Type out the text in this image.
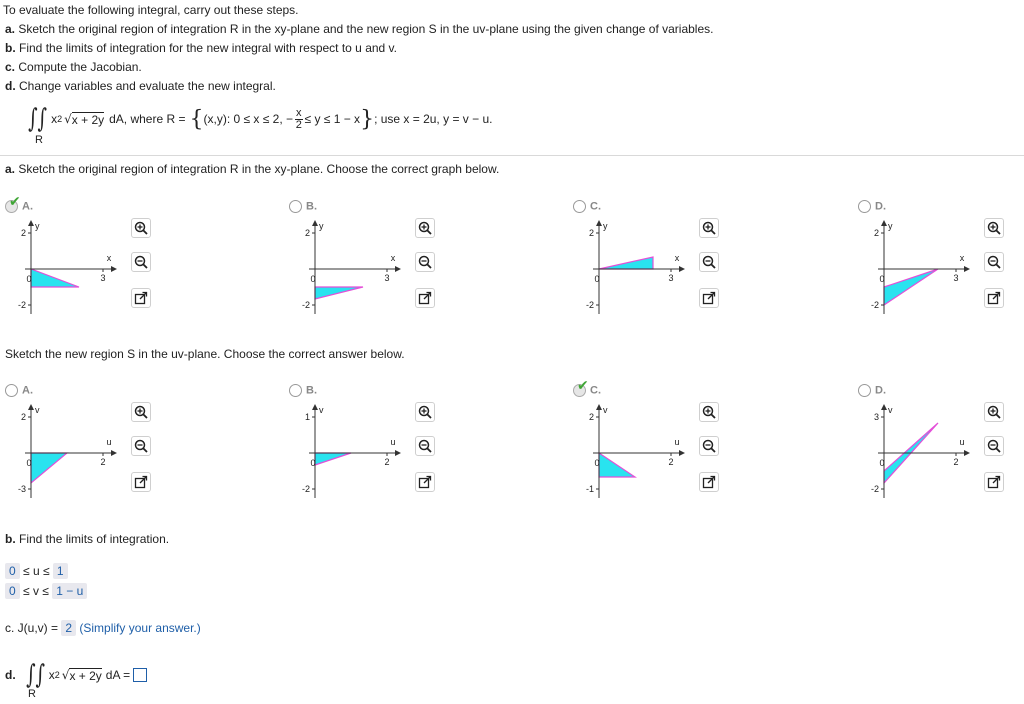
To evaluate the following integral, carry out these steps.
a. Sketch the original region of integration R in the xy-plane and the new region S in the uv-plane using the given change of variables.
b. Find the limits of integration for the new integral with respect to u and v.
c. Compute the Jacobian.
d. Change variables and evaluate the new integral.
∫∫ x 2 √ x + 2y dA, where R = { (x,y): 0 ≤ x ≤ 2, − $\frac{x}{2} \le y \le 1 - x$ } ; use x = 2u, y = v − u.
R
a. Sketch the original region of integration R in the xy-plane. Choose the correct graph below.
A.
✔
2
-2
y
x
3
0
B.
2
-2
y
x
3
0
C.
2
-2
y
x
3
0
D.
2
-2
y
x
3
0
Sketch the new region S in the uv-plane. Choose the correct answer below.
A.
2
-3
v
u
2
0
B.
1
-2
v
u
2
0
C.
✔
2
-1
v
u
2
0
D.
3
-2
v
u
2
0
b. Find the limits of integration.
0 ≤ u ≤ 1
0 ≤ v ≤ 1 − u
c. J(u,v) = 2 (Simplify your answer.)
d. ∫∫ x 2 √ x + 2y dA =
R
